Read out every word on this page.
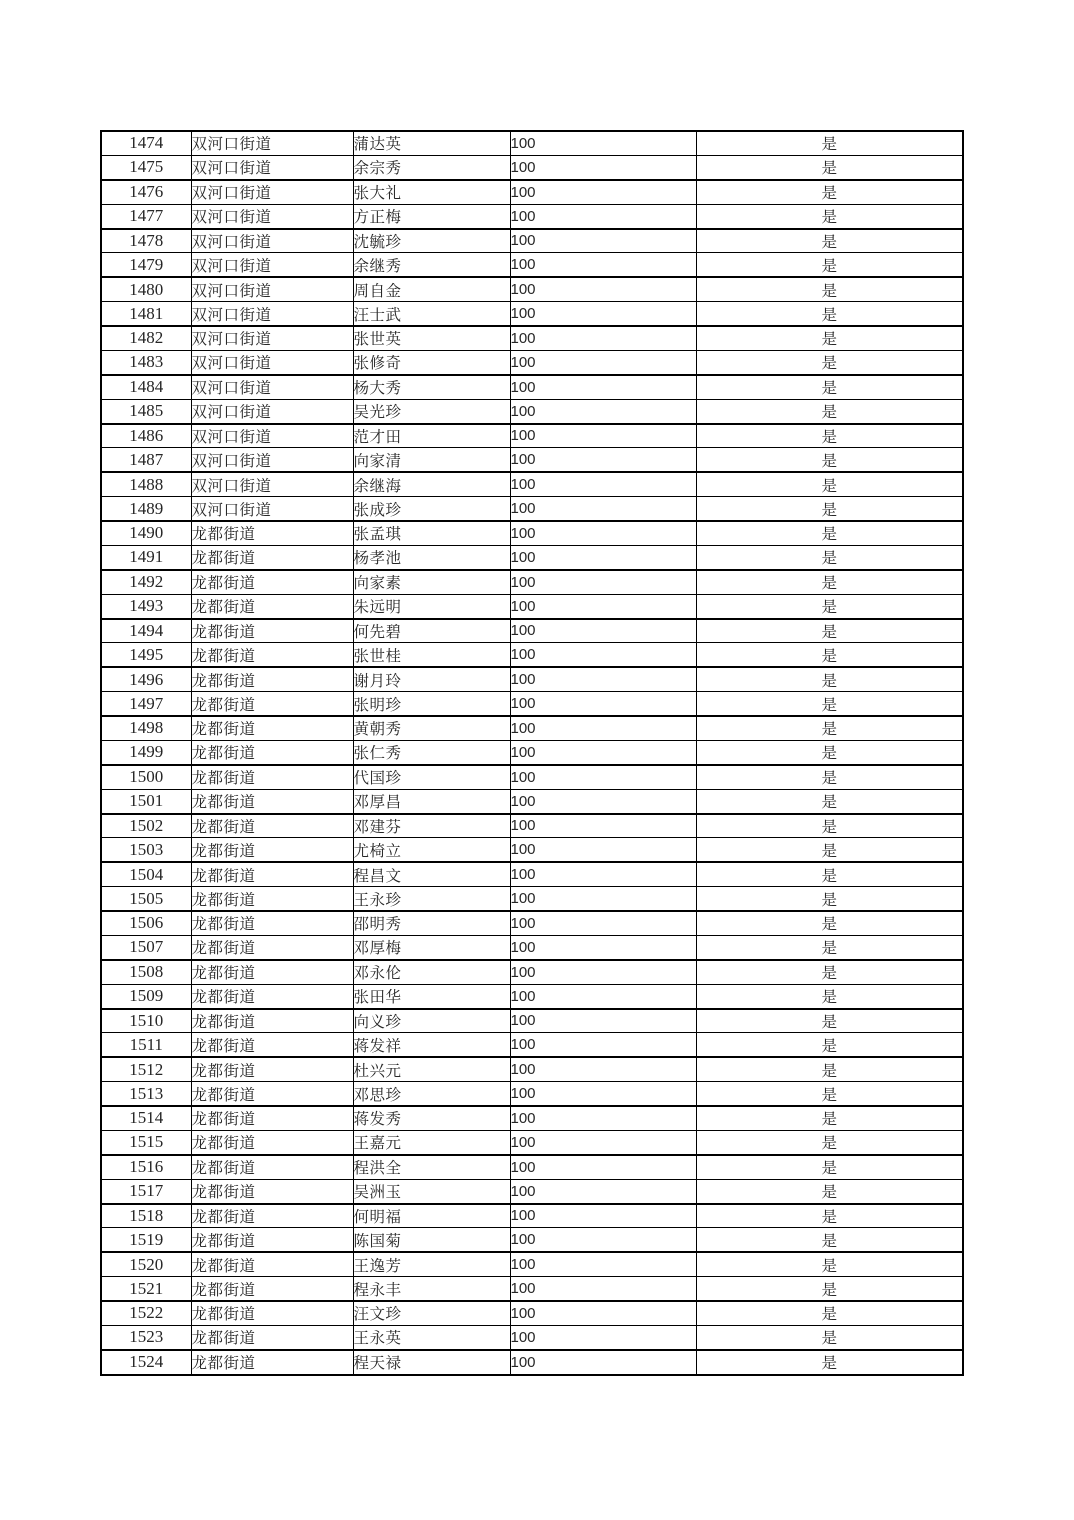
1474	双河口街道	蒲达英	100	是
1475	双河口街道	余宗秀	100	是
1476	双河口街道	张大礼	100	是
1477	双河口街道	方正梅	100	是
1478	双河口街道	沈毓珍	100	是
1479	双河口街道	余继秀	100	是
1480	双河口街道	周自金	100	是
1481	双河口街道	汪士武	100	是
1482	双河口街道	张世英	100	是
1483	双河口街道	张修奇	100	是
1484	双河口街道	杨大秀	100	是
1485	双河口街道	吴光珍	100	是
1486	双河口街道	范才田	100	是
1487	双河口街道	向家清	100	是
1488	双河口街道	余继海	100	是
1489	双河口街道	张成珍	100	是
1490	龙都街道	张孟琪	100	是
1491	龙都街道	杨孝池	100	是
1492	龙都街道	向家素	100	是
1493	龙都街道	朱远明	100	是
1494	龙都街道	何先碧	100	是
1495	龙都街道	张世桂	100	是
1496	龙都街道	谢月玲	100	是
1497	龙都街道	张明珍	100	是
1498	龙都街道	黄朝秀	100	是
1499	龙都街道	张仁秀	100	是
1500	龙都街道	代国珍	100	是
1501	龙都街道	邓厚昌	100	是
1502	龙都街道	邓建芬	100	是
1503	龙都街道	尤椅立	100	是
1504	龙都街道	程昌文	100	是
1505	龙都街道	王永珍	100	是
1506	龙都街道	邵明秀	100	是
1507	龙都街道	邓厚梅	100	是
1508	龙都街道	邓永伦	100	是
1509	龙都街道	张田华	100	是
1510	龙都街道	向义珍	100	是
1511	龙都街道	蒋发祥	100	是
1512	龙都街道	杜兴元	100	是
1513	龙都街道	邓思珍	100	是
1514	龙都街道	蒋发秀	100	是
1515	龙都街道	王嘉元	100	是
1516	龙都街道	程洪全	100	是
1517	龙都街道	吴洲玉	100	是
1518	龙都街道	何明福	100	是
1519	龙都街道	陈国菊	100	是
1520	龙都街道	王逸芳	100	是
1521	龙都街道	程永丰	100	是
1522	龙都街道	汪文珍	100	是
1523	龙都街道	王永英	100	是
1524	龙都街道	程天禄	100	是
